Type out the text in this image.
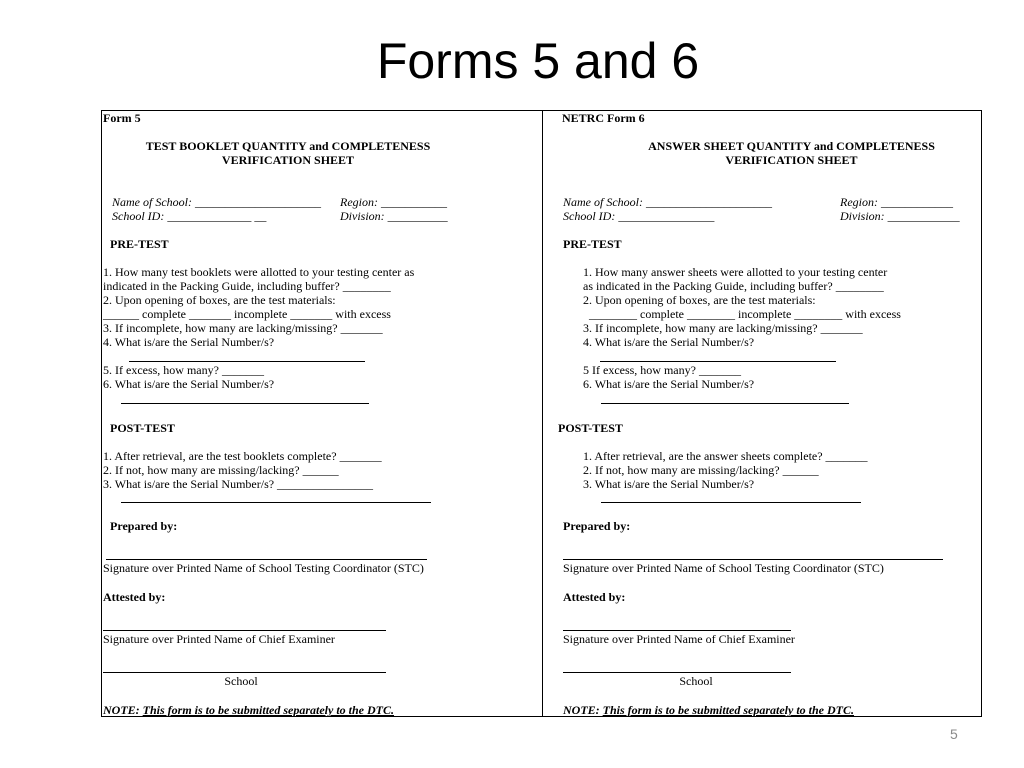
Forms 5 and 6
Form 5
TEST BOOKLET QUANTITY and COMPLETENESS
VERIFICATION SHEET
Name of School: _____________________ Region: ___________
School ID: ______________ __	Division: __________
PRE-TEST
1. How many test booklets were allotted to your testing center as
indicated in the Packing Guide, including buffer? ________
2. Upon opening of boxes, are the test materials:
______ complete _______ incomplete _______ with excess
3. If incomplete, how many are lacking/missing? _______
4. What is/are the Serial Number/s?
5. If excess, how many? _______
6. What is/are the Serial Number/s?
POST-TEST
1. After retrieval, are the test booklets complete? _______
2. If not, how many are missing/lacking? ______
3. What is/are the Serial Number/s? ________________
Prepared by:
Signature over Printed Name of School Testing Coordinator (STC)
Attested by:
Signature over Printed Name of Chief Examiner
School
NOTE: This form is to be submitted separately to the DTC.
NETRC Form 6
ANSWER SHEET QUANTITY and COMPLETENESS
VERIFICATION SHEET
Name of School: _____________________	Region: ____________
School ID: ________________	Division: ____________
PRE-TEST
1. How many answer sheets were allotted to your testing center
as indicated in the Packing Guide, including buffer? ________
2. Upon opening of boxes, are the test materials:
________ complete ________ incomplete ________ with excess
3. If incomplete, how many are lacking/missing? _______
4. What is/are the Serial Number/s?
5 If excess, how many? _______
6. What is/are the Serial Number/s?
POST-TEST
1. After retrieval, are the answer sheets complete? _______
2. If not, how many are missing/lacking? ______
3. What is/are the Serial Number/s?
Prepared by:
Signature over Printed Name of School Testing Coordinator (STC)
Attested by:
Signature over Printed Name of Chief Examiner
School
NOTE: This form is to be submitted separately to the DTC.
5
